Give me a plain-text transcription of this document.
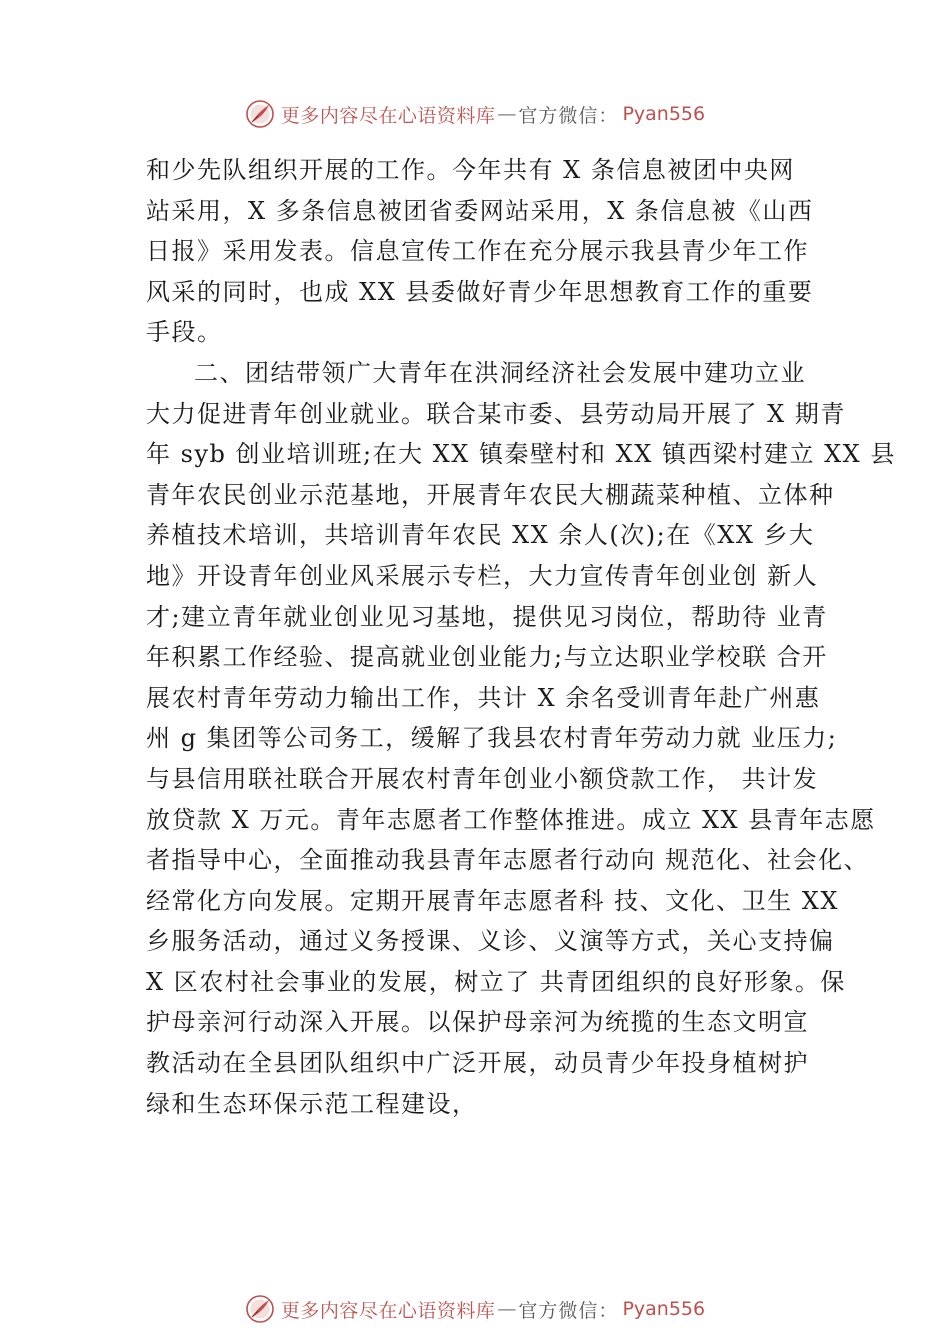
更多内容尽在心语资料库 — 官方微信： Pyan556
和少先队组织开展的工作。今年共有 X 条信息被团中央网
站采用，X 多条信息被团省委网站采用，X 条信息被《山西
日报》采用发表。信息宣传工作在充分展示我县青少年工作
风采的同时，也成 XX 县委做好青少年思想教育工作的重要
手段。
二、团结带领广大青年在洪洞经济社会发展中建功立业
大力促进青年创业就业。联合某市委、县劳动局开展了 X 期青
年 syb 创业培训班;在大 XX 镇秦壁村和 XX 镇西梁村建立 XX 县
青年农民创业示范基地，开展青年农民大棚蔬菜种植、立体种
养植技术培训，共培训青年农民 XX 余人(次);在《XX 乡大
地》开设青年创业风采展示专栏，大力宣传青年创业创 新人
才;建立青年就业创业见习基地，提供见习岗位，帮助待 业青
年积累工作经验、提高就业创业能力;与立达职业学校联 合开
展农村青年劳动力输出工作，共计 X 余名受训青年赴广州惠
州 g 集团等公司务工，缓解了我县农村青年劳动力就 业压力;
与县信用联社联合开展农村青年创业小额贷款工作， 共计发
放贷款 X 万元。青年志愿者工作整体推进。成立 XX 县青年志愿
者指导中心，全面推动我县青年志愿者行动向 规范化、社会化、
经常化方向发展。定期开展青年志愿者科 技、文化、卫生 XX
乡服务活动，通过义务授课、义诊、义演等方式，关心支持偏
X 区农村社会事业的发展，树立了 共青团组织的良好形象。保
护母亲河行动深入开展。以保护母亲河为统揽的生态文明宣
教活动在全县团队组织中广泛开展，动员青少年投身植树护
绿和生态环保示范工程建设，
更多内容尽在心语资料库 — 官方微信： Pyan556
